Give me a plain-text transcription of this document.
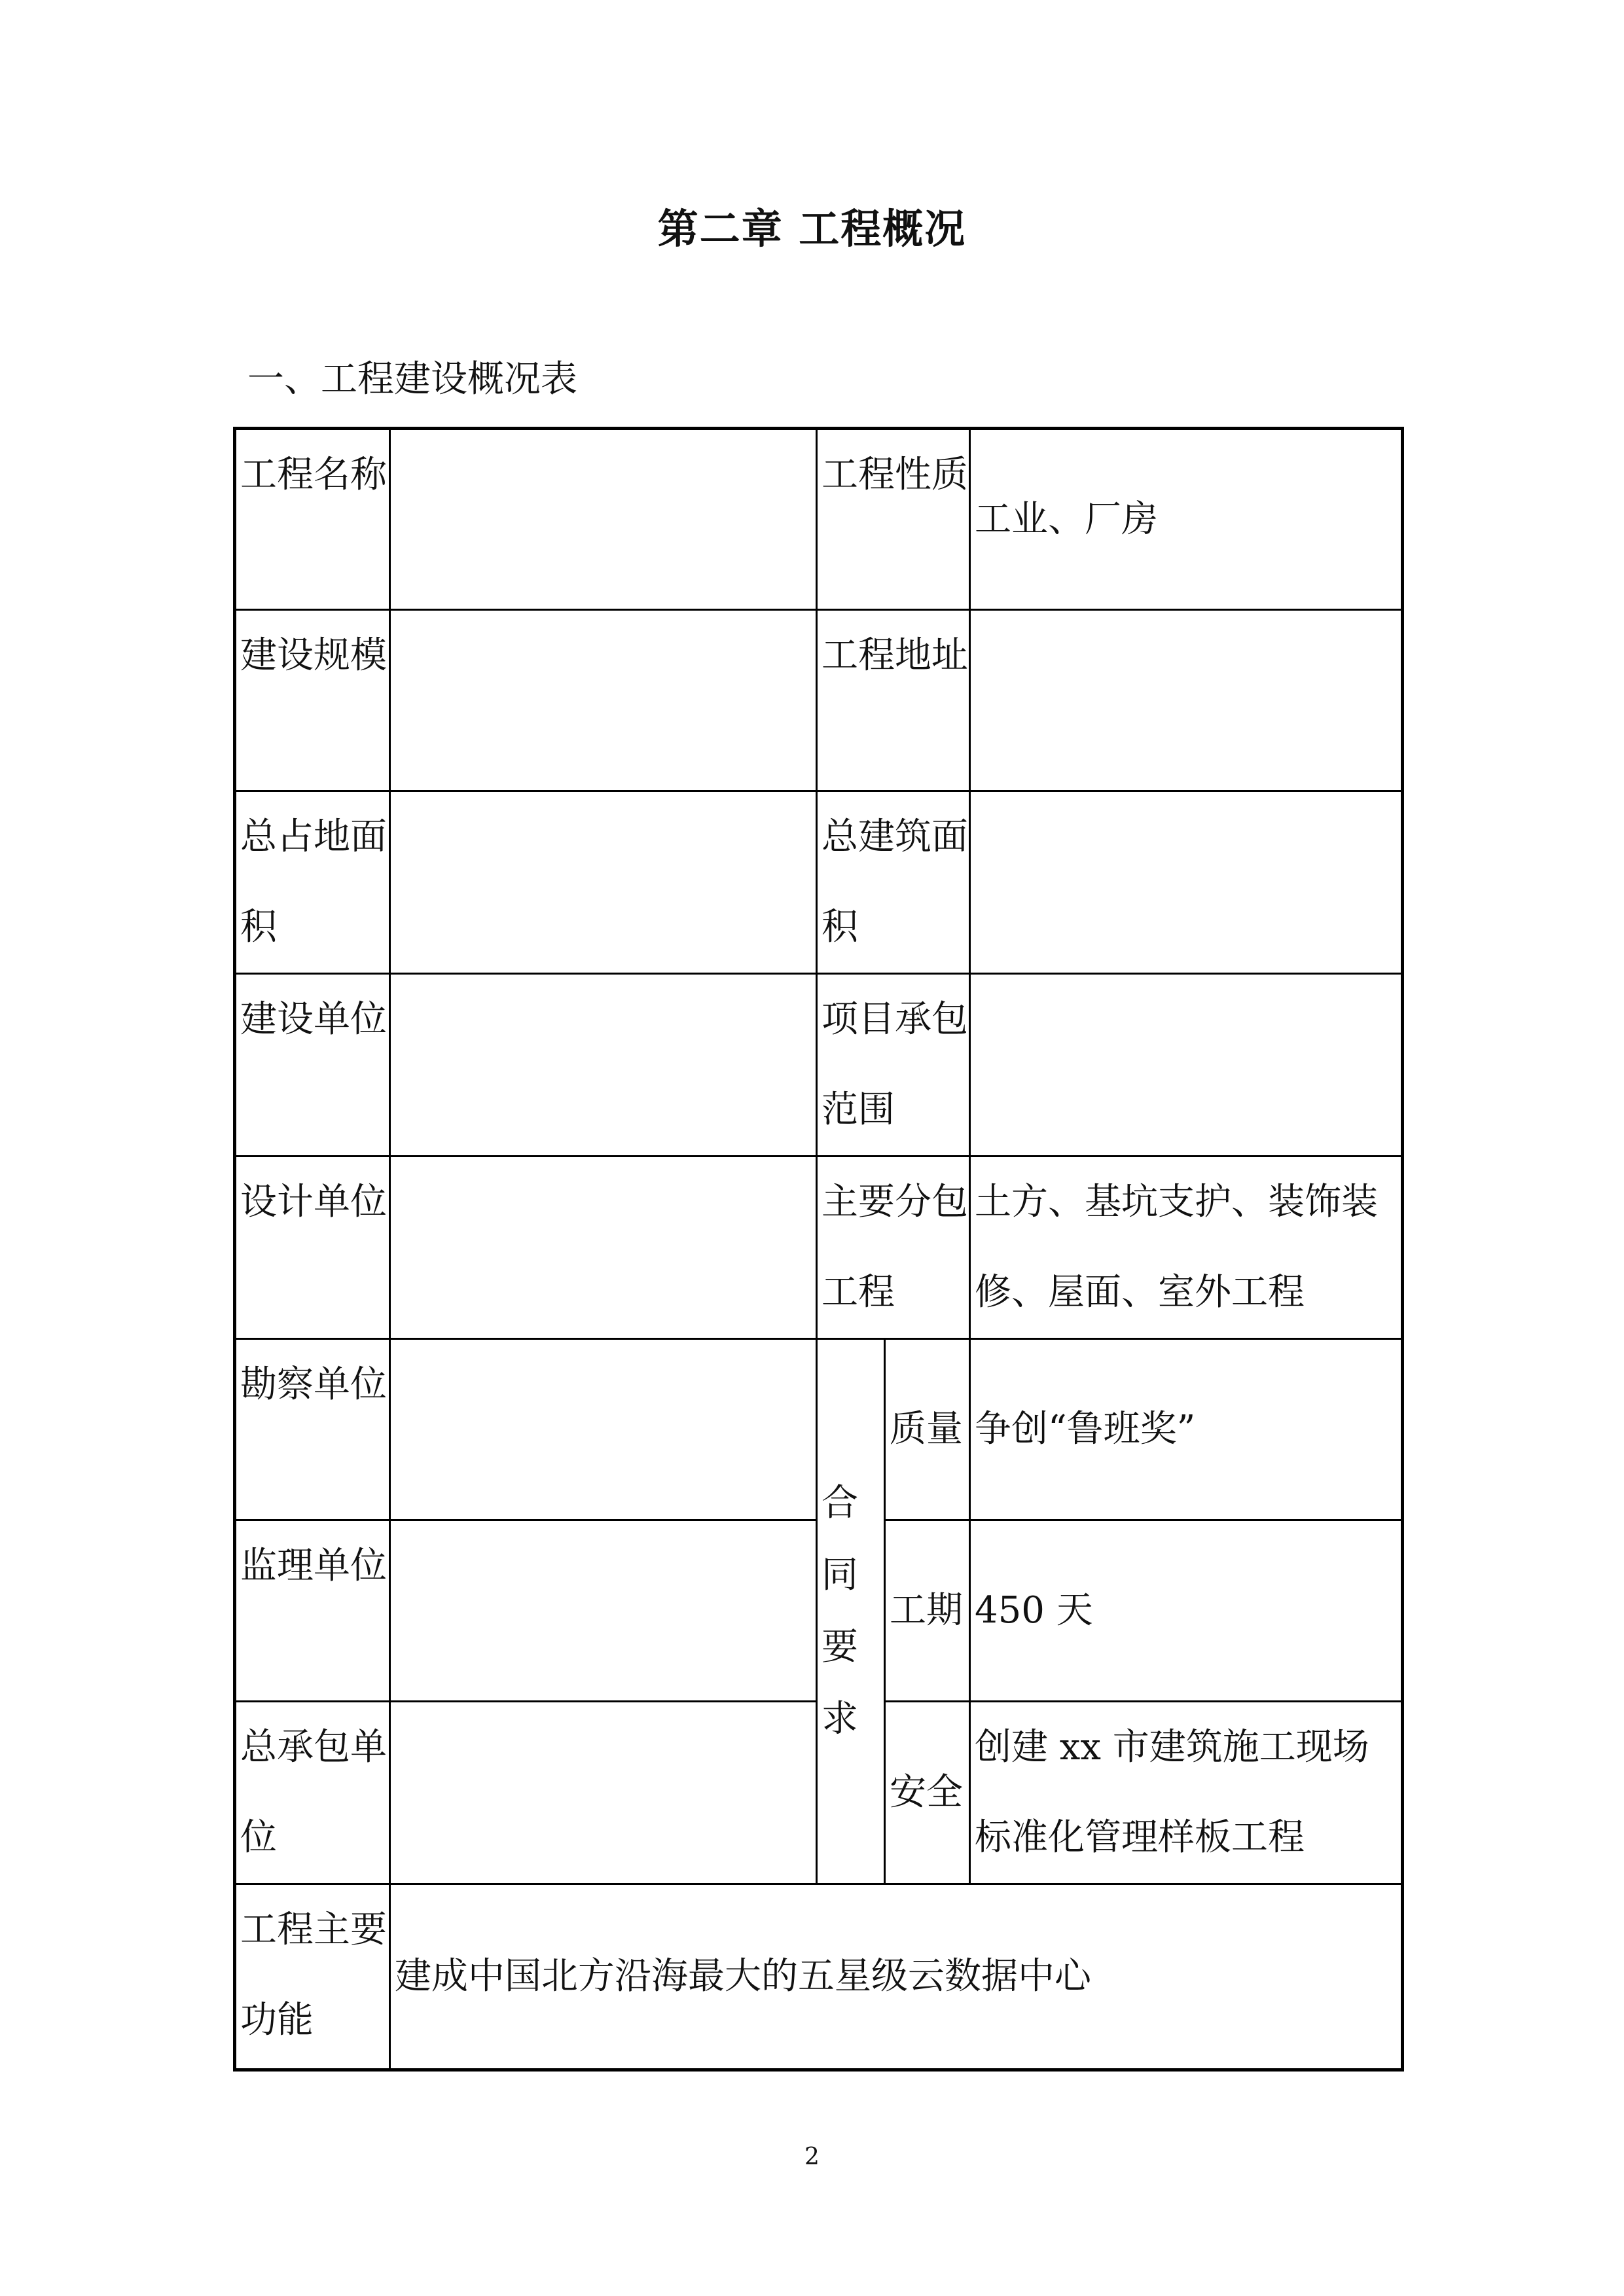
第二章 工程概况
一、工程建设概况表
工程名称		工程性质		工业、厂房
建设规模		工程地址		
总占地面积		总建筑面积		
建设单位		项目承包范围		
设计单位		主要分包工程		土方、基坑支护、装饰装修、屋面、室外工程
勘察单位		合同要求	质量	争创“鲁班奖”
监理单位			工期	450 天
总承包单位			安全	创建 xx 市建筑施工现场标准化管理样板工程
工程主要功能	建成中国北方沿海最大的五星级云数据中心			
2
